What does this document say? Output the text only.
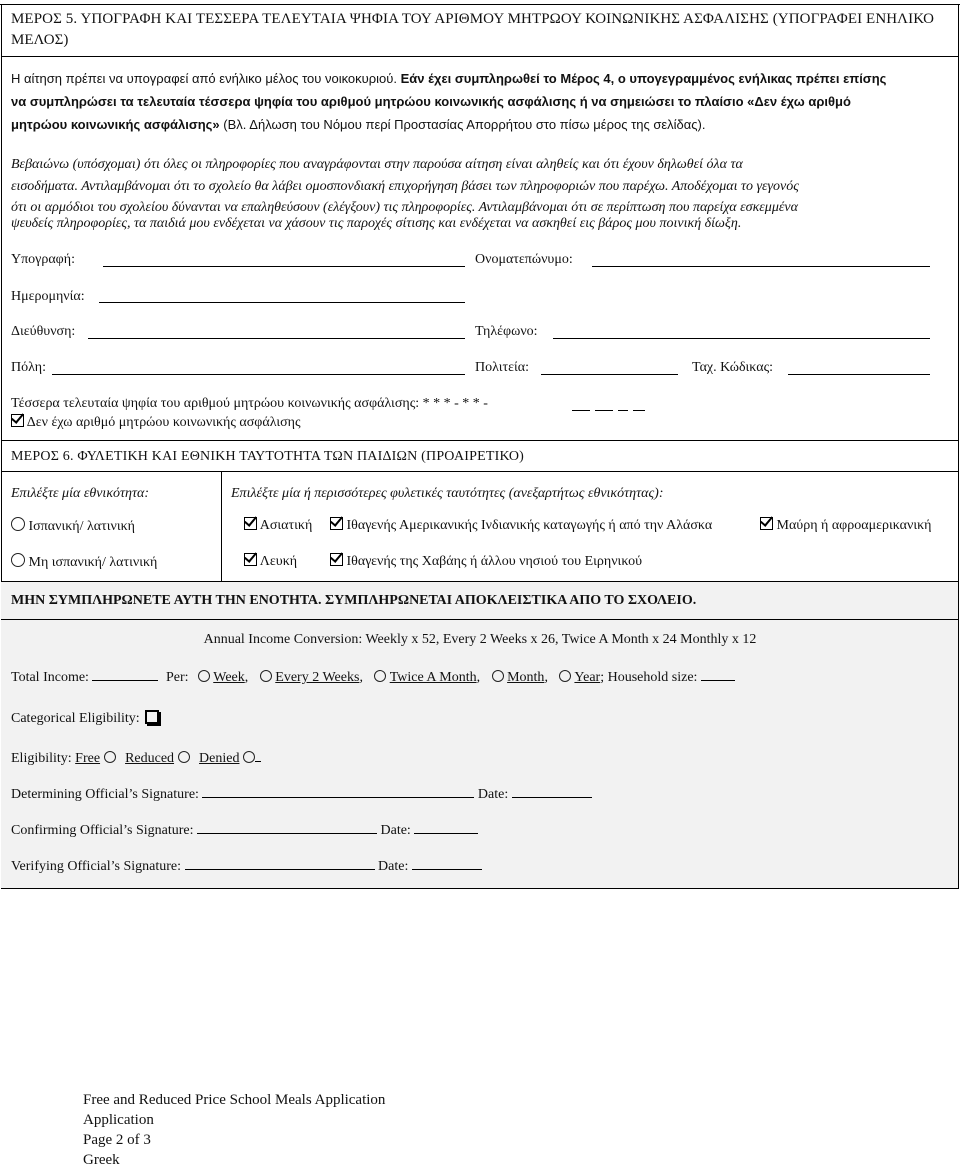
ΜΕΡΟΣ 5. ΥΠΟΓΡΑΦΗ ΚΑΙ ΤΕΣΣΕΡΑ ΤΕΛΕΥΤΑΙΑ ΨΗΦΙΑ ΤΟΥ ΑΡΙΘΜΟΥ ΜΗΤΡΩΟΥ ΚΟΙΝΩΝΙΚΗΣ ΑΣΦΑΛΙΣΗΣ (ΥΠΟΓΡΑΦΕΙ ΕΝΗΛΙΚΟ
ΜΕΛΟΣ)
Η αίτηση πρέπει να υπογραφεί από ενήλικο μέλος του νοικοκυριού. Εάν έχει συμπληρωθεί το Μέρος 4, ο υπογεγραμμένος ενήλικας πρέπει επίσης
να συμπληρώσει τα τελευταία τέσσερα ψηφία του αριθμού μητρώου κοινωνικής ασφάλισης ή να σημειώσει το πλαίσιο «Δεν έχω αριθμό
μητρώου κοινωνικής ασφάλισης» (Βλ. Δήλωση του Νόμου περί Προστασίας Απορρήτου στο πίσω μέρος της σελίδας).
Βεβαιώνω (υπόσχομαι) ότι όλες οι πληροφορίες που αναγράφονται στην παρούσα αίτηση είναι αληθείς και ότι έχουν δηλωθεί όλα τα
εισοδήματα. Αντιλαμβάνομαι ότι το σχολείο θα λάβει ομοσπονδιακή επιχορήγηση βάσει των πληροφοριών που παρέχω. Αποδέχομαι το γεγονός
ότι οι αρμόδιοι του σχολείου δύνανται να επαληθεύσουν (ελέγξουν) τις πληροφορίες. Αντιλαμβάνομαι ότι σε περίπτωση που παρείχα εσκεμμένα
ψευδείς πληροφορίες, τα παιδιά μου ενδέχεται να χάσουν τις παροχές σίτισης και ενδέχεται να ασκηθεί εις βάρος μου ποινική δίωξη.
Υπογραφή:	Ονοματεπώνυμο:
Ημερομηνία:
Διεύθυνση:	Τηλέφωνο:
Πόλη:	Πολιτεία:	Ταχ. Κώδικας:
Τέσσερα τελευταία ψηφία του αριθμού μητρώου κοινωνικής ασφάλισης: * * * - * * -
Δεν έχω αριθμό μητρώου κοινωνικής ασφάλισης
ΜΕΡΟΣ 6. ΦΥΛΕΤΙΚΗ ΚΑΙ ΕΘΝΙΚΗ ΤΑΥΤΟΤΗΤΑ ΤΩΝ ΠΑΙΔΙΩΝ (ΠΡΟΑΙΡΕΤΙΚΟ)
Επιλέξτε μία εθνικότητα:	Επιλέξτε μία ή περισσότερες φυλετικές ταυτότητες (ανεξαρτήτως εθνικότητας):
Ισπανική/ λατινική
Μη ισπανική/ λατινική
Ασιατική	Ιθαγενής Αμερικανικής Ινδιανικής καταγωγής ή από την Αλάσκα	Μαύρη ή αφροαμερικανική
Λευκή	Ιθαγενής της Χαβάης ή άλλου νησιού του Ειρηνικού
ΜΗΝ ΣΥΜΠΛΗΡΩΝΕΤΕ ΑΥΤΗ ΤΗΝ ΕΝΟΤΗΤΑ. ΣΥΜΠΛΗΡΩΝΕΤΑΙ ΑΠΟΚΛΕΙΣΤΙΚΑ ΑΠΟ ΤΟ ΣΧΟΛΕΙΟ.
Annual Income Conversion: Weekly x 52, Every 2 Weeks x 26, Twice A Month x 24 Monthly x 12
Total Income:	Per: Week,  Every 2 Weeks,  Twice A Month,  Month,  Year; Household size:
Categorical Eligibility:
Eligibility: Free Reduced Denied
Determining Official’s Signature:	Date:
Confirming Official’s Signature:	Date:
Verifying Official’s Signature:	Date:
Free and Reduced Price School Meals Application
Application
Page 2 of 3
Greek
